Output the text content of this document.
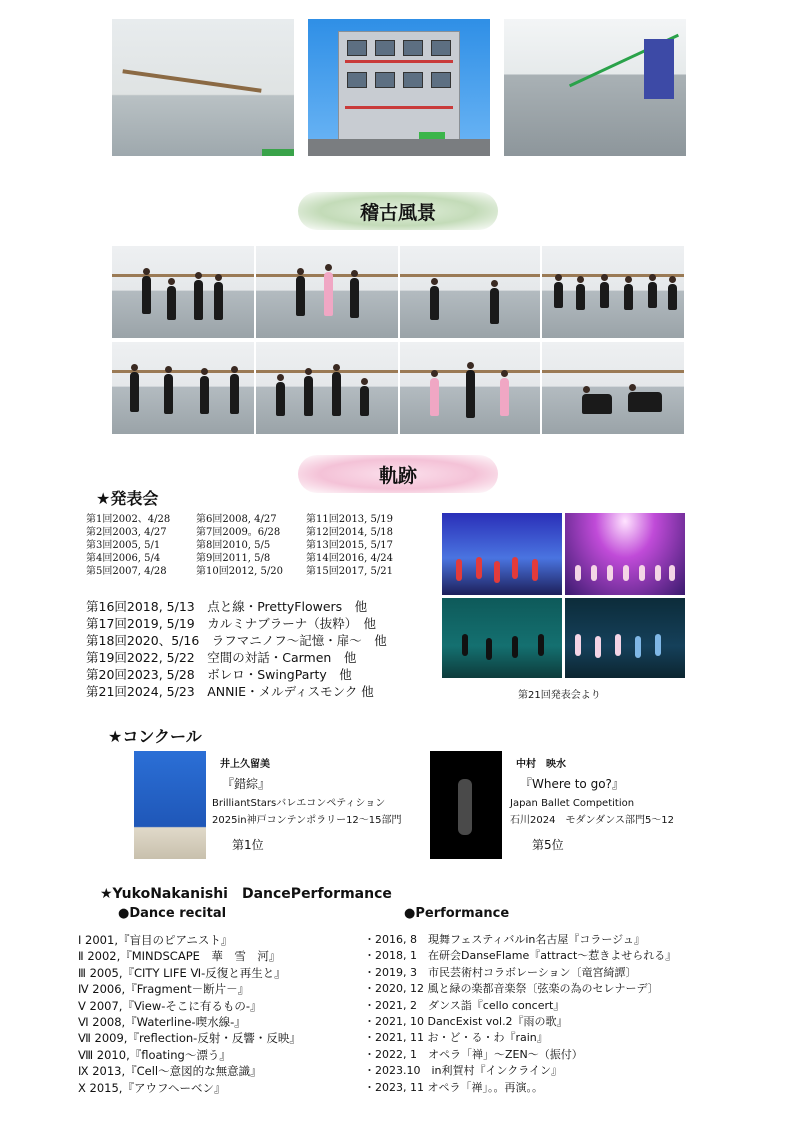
稽古風景
軌跡
★発表会
第1回2002、4/28	第6回2008, 4/27	第11回2013, 5/19
第2回2003, 4/27	第7回2009。6/28	第12回2014, 5/18
第3回2005, 5/1	第8回2010, 5/5	第13回2015, 5/17
第4回2006, 5/4	第9回2011, 5/8	第14回2016, 4/24
第5回2007, 4/28	第10回2012, 5/20 第15回2017, 5/21
第16回2018, 5/13　点と線・PrettyFlowers　他
第17回2019, 5/19　カルミナブラーナ（抜粋）　他
第18回2020、5/16　ラフマニノフ～記憶・扉～　他
第19回2022, 5/22　空間の対話・Carmen　他
第20回2023, 5/28　ボレロ・SwingParty　他
第21回2024, 5/23　ANNIE・メルディスモンク 他	第21回発表会より
★コンクール
井上久留美
『錯綜』
BrilliantStarsバレエコンペティション
2025in神戸コンテンポラリー12～15部門
第1位
中村　映水
『Where to go?』
Japan Ballet Competition
石川2024　モダンダンス部門5～12
第5位
★YukoNakanishi　DancePerformance
●Dance recital
Ⅰ 2001,『盲目のピアニスト』
Ⅱ 2002,『MINDSCAPE　華　雪　河』
Ⅲ 2005,『CITY LIFE Ⅵ-反復と再生と』
Ⅳ 2006,『Fragment－断片－』
Ⅴ 2007,『View-そこに有るもの-』
Ⅵ 2008,『Waterline-喫水線-』
Ⅶ 2009,『reflection-反射・反響・反映』
Ⅷ 2010,『floating～漂う』
Ⅸ 2013,『Cell～意図的な無意識』
Ⅹ 2015,『アウフヘーベン』
●Performance
・2016, 8　現舞フェスティバルin名古屋『コラージュ』
・2018, 1　在研会DanseFlame『attract～惹きよせられる』
・2019, 3　市民芸術村コラボレーション〔竜宮綺譚〕
・2020, 12 風と緑の楽都音楽祭〔弦楽の為のセレナーデ〕
・2021, 2　ダンス詣『cello concert』
・2021, 10 DancExist vol.2『雨の歌』
・2021, 11 お・ど・る・わ『rain』
・2022, 1　オペラ「禅」～ZEN～（振付）
・2023.10　in利賀村『インクライン』
・2023, 11 オペラ「禅」。。再演。。
